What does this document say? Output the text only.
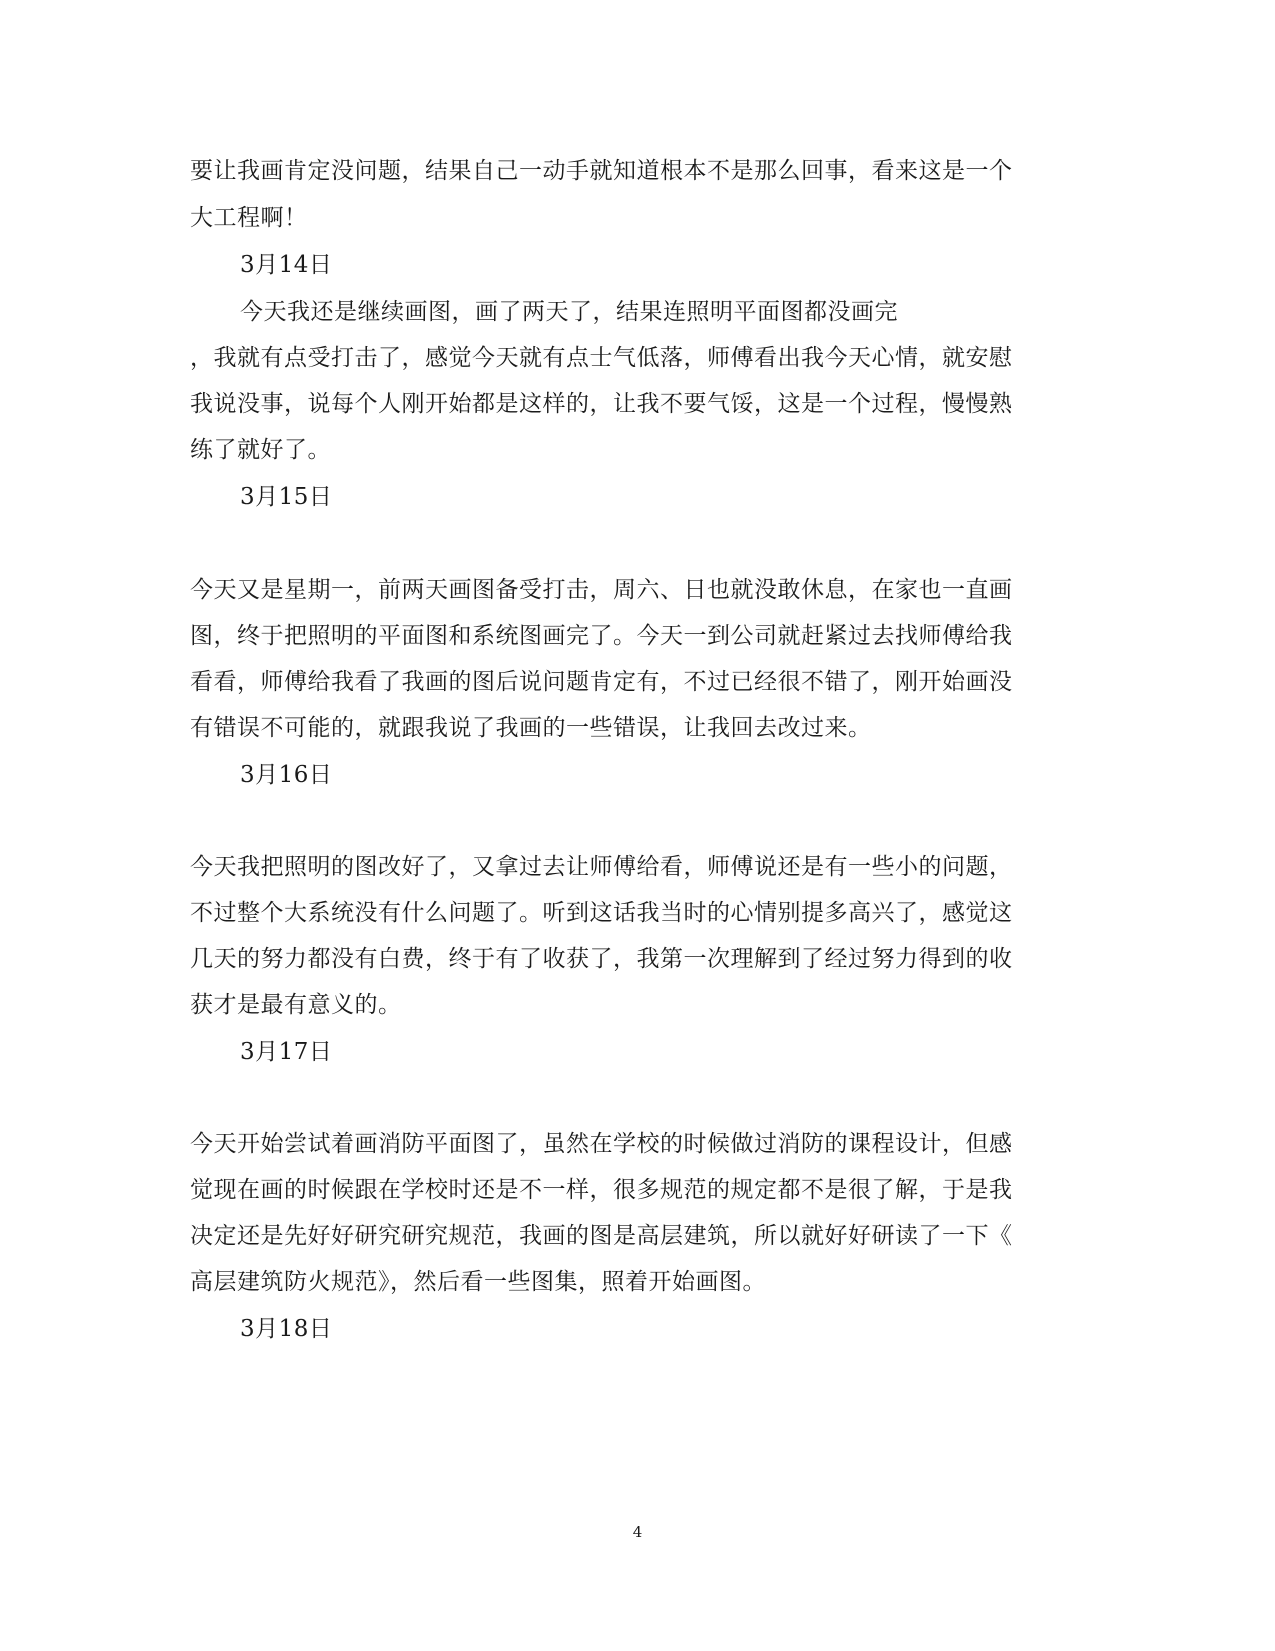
要让我画肯定没问题，结果自己一动手就知道根本不是那么回事，看来这是一个
大工程啊！
3月14日
今天我还是继续画图，画了两天了，结果连照明平面图都没画完
，我就有点受打击了，感觉今天就有点士气低落，师傅看出我今天心情，就安慰
我说没事，说每个人刚开始都是这样的，让我不要气馁，这是一个过程，慢慢熟
练了就好了。
3月15日
今天又是星期一，前两天画图备受打击，周六、日也就没敢休息，在家也一直画
图，终于把照明的平面图和系统图画完了。今天一到公司就赶紧过去找师傅给我
看看，师傅给我看了我画的图后说问题肯定有，不过已经很不错了，刚开始画没
有错误不可能的，就跟我说了我画的一些错误，让我回去改过来。
3月16日
今天我把照明的图改好了，又拿过去让师傅给看，师傅说还是有一些小的问题，
不过整个大系统没有什么问题了。听到这话我当时的心情别提多高兴了，感觉这
几天的努力都没有白费，终于有了收获了，我第一次理解到了经过努力得到的收
获才是最有意义的。
3月17日
今天开始尝试着画消防平面图了，虽然在学校的时候做过消防的课程设计，但感
觉现在画的时候跟在学校时还是不一样，很多规范的规定都不是很了解，于是我
决定还是先好好研究研究规范，我画的图是高层建筑，所以就好好研读了一下《
高层建筑防火规范》，然后看一些图集，照着开始画图。
3月18日
4
